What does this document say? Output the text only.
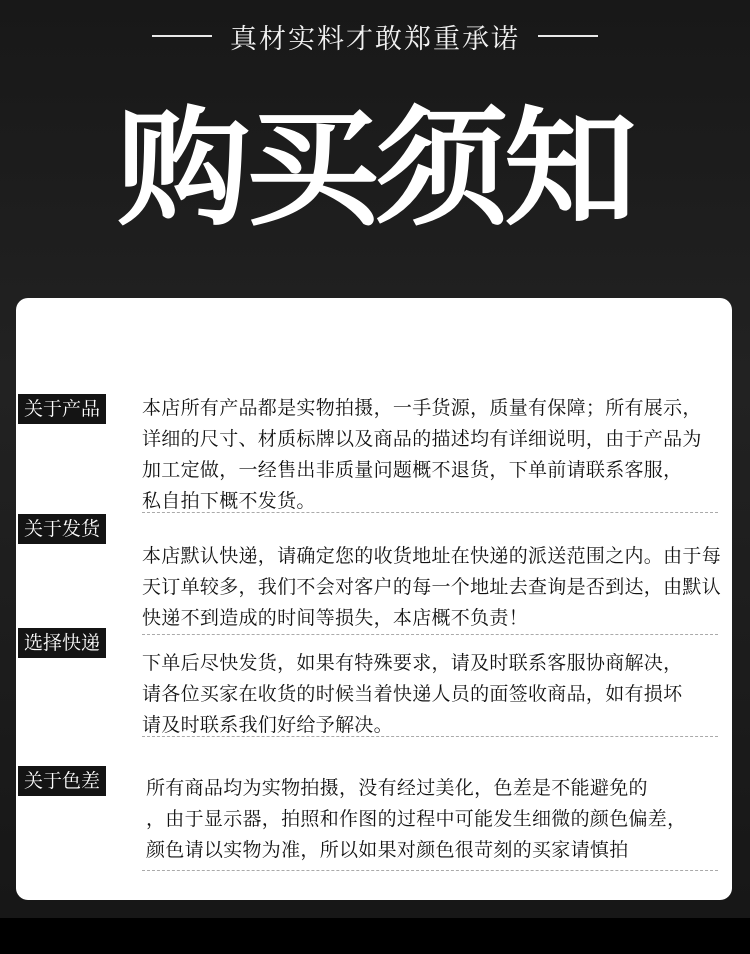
真材实料才敢郑重承诺
购买须知
关于产品	本店所有产品都是实物拍摄，一手货源，质量有保障；所有展示，
详细的尺寸、材质标牌以及商品的描述均有详细说明，由于产品为
加工定做，一经售出非质量问题概不退货，下单前请联系客服，
私自拍下概不发货。
关于发货
本店默认快递，请确定您的收货地址在快递的派送范围之内。由于每
天订单较多，我们不会对客户的每一个地址去查询是否到达，由默认
快递不到造成的时间等损失，本店概不负责！
选择快递
下单后尽快发货，如果有特殊要求，请及时联系客服协商解决，
请各位买家在收货的时候当着快递人员的面签收商品，如有损坏
请及时联系我们好给予解决。
关于色差	所有商品均为实物拍摄，没有经过美化，色差是不能避免的
，由于显示器，拍照和作图的过程中可能发生细微的颜色偏差，
颜色请以实物为准，所以如果对颜色很苛刻的买家请慎拍
